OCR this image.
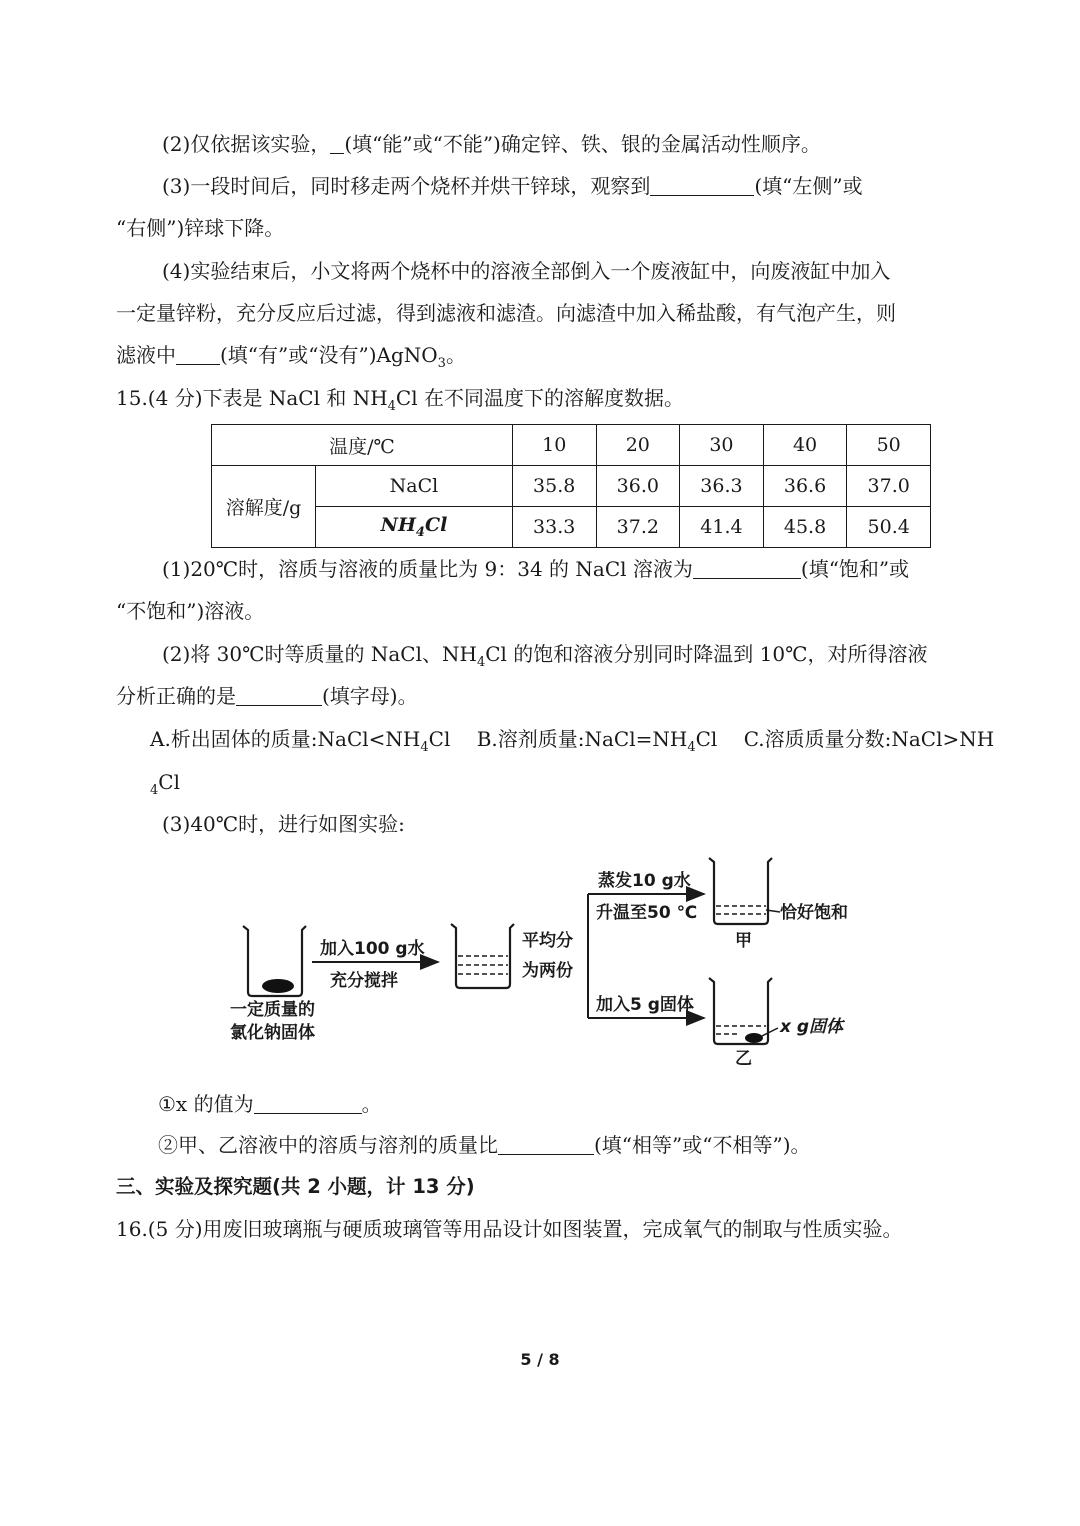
(2)仅依据该实验， (填“能”或“不能”)确定锌、铁、银的金属活动性顺序。
(3)一段时间后，同时移走两个烧杯并烘干锌球，观察到	(填“左侧”或
“右侧”)锌球下降。
(4)实验结束后，小文将两个烧杯中的溶液全部倒入一个废液缸中，向废液缸中加入
一定量锌粉，充分反应后过滤，得到滤液和滤渣。向滤渣中加入稀盐酸，有气泡产生，则
滤液中 (填“有”或“没有”)AgNO$_3$。
15.(4 分)下表是 NaCl 和 $NH_4Cl$ 在不同温度下的溶解度数据。
温度/℃		10	20	30	40	50
溶解度/g	NaCl	35.8	36.0	36.3	36.6	37.0
	$NH_4Cl$	33.3	37.2	41.4	45.8	50.4
(1)20℃时，溶质与溶液的质量比为 9：34 的 NaCl 溶液为	(填“饱和”或
“不饱和”)溶液。
(2)将 30℃时等质量的 NaCl、$NH_4Cl$ 的饱和溶液分别同时降温到 10℃，对所得溶液
分析正确的是	(填字母)。
A.析出固体的质量$:NaCl<NH_4Cl$ B.溶剂质量$:NaCl=NH_4Cl$ C.溶质质量分数:NaCl>NH
$_4$Cl
(3)40℃时，进行如图实验:
一定质量的
氯化钠固体
加入100 g水
充分搅拌
平均分
为两份
蒸发10 g水
升温至50 ℃
加入5 g固体
恰好饱和
甲
x g固体
乙
①x 的值为	。
②甲、乙溶液中的溶质与溶剂的质量比	(填“相等”或“不相等”)。
三、实验及探究题(共 2 小题，计 13 分)
16.(5 分)用废旧玻璃瓶与硬质玻璃管等用品设计如图装置，完成氧气的制取与性质实验。
5 / 8
